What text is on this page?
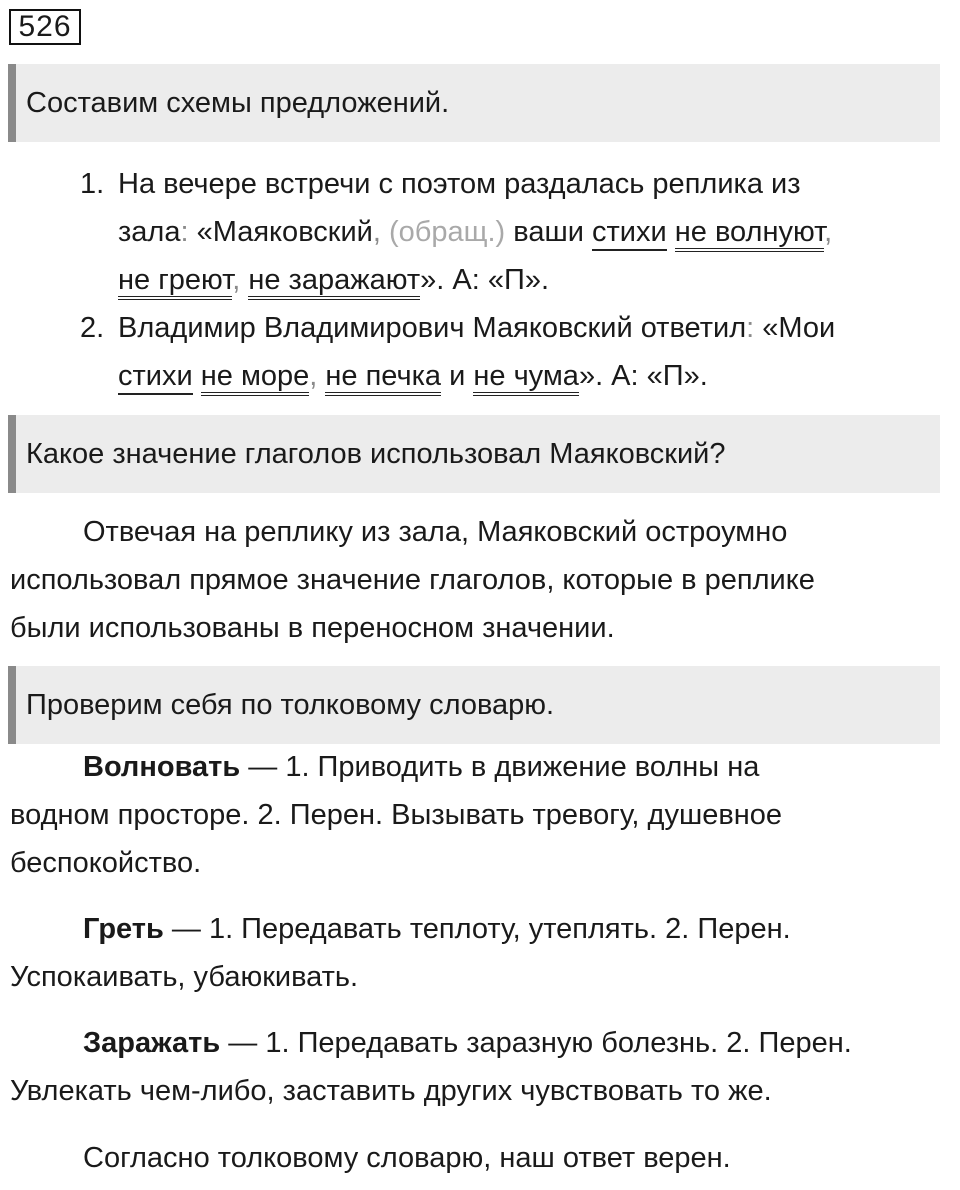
526
Составим схемы предложений.
1. На вечере встречи с поэтом раздалась реплика из
зала: «Маяковский, (обращ.) ваши стихи не волнуют,
не греют, не заражают». А: «П».
2. Владимир Владимирович Маяковский ответил: «Мои
стихи не море, не печка и не чума». А: «П».
Какое значение глаголов использовал Маяковский?
Отвечая на реплику из зала, Маяковский остроумно
использовал прямое значение глаголов, которые в реплике
были использованы в переносном значении.
Проверим себя по толковому словарю.
Волновать — 1. Приводить в движение волны на
водном просторе. 2. Перен. Вызывать тревогу, душевное
беспокойство.
Греть — 1. Передавать теплоту, утеплять. 2. Перен.
Успокаивать, убаюкивать.
Заражать — 1. Передавать заразную болезнь. 2. Перен.
Увлекать чем-либо, заставить других чувствовать то же.
Согласно толковому словарю, наш ответ верен.
